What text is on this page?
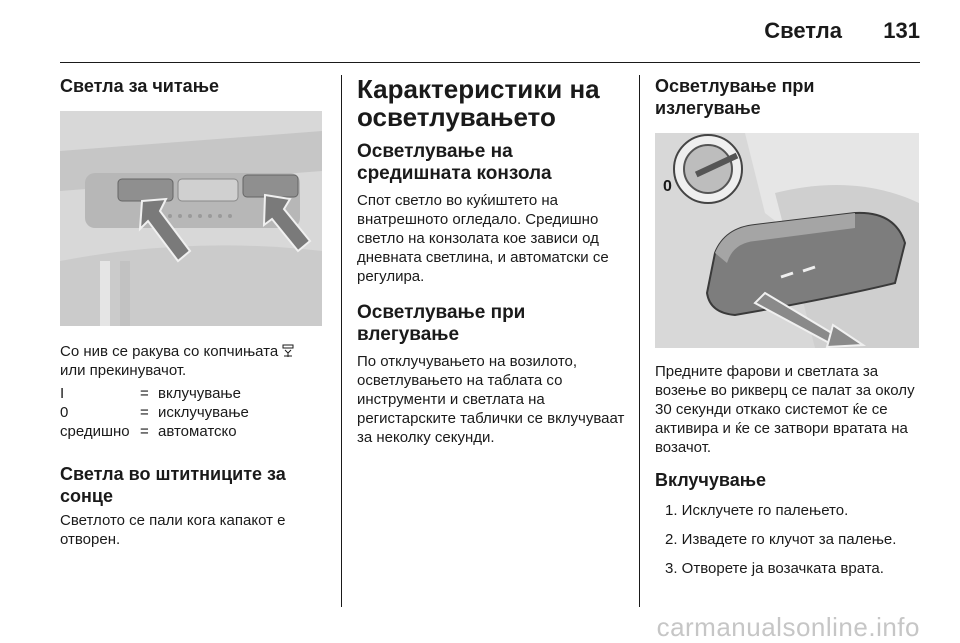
Светла 131
Светла за читање

Со нив се ракува со копчињата

или прекинувачот.

I	= вклучување
0	= исклучување
средишно = автоматско
Светла во штитниците за сонце

Светлото се пали кога капакот е отворен.

Карактеристики на осветлувањето
Осветлување на средишната конзола

Спот светло во куќиштето на внатрешното огледало. Средишно светло на конзолата кое зависи од дневната светлина, и автоматски се регулира.

Осветлување при влегување

По отклучувањето на возилото, осветлувањето на таблата со инструменти и светлата на регистарските таблички се вклучуваат за неколку секунди.

Осветлување при излегување
0

Предните фарови и светлата за возење во рикверц се палат за околу 30 секунди откако системот ќе се активира и ќе се затвори вратата на возачот.

Вклучување
1. Исклучете го палењето.
2. Извадете го клучот за палење.
3. Отворете ја возачката врата.
carmanualsonline.info
